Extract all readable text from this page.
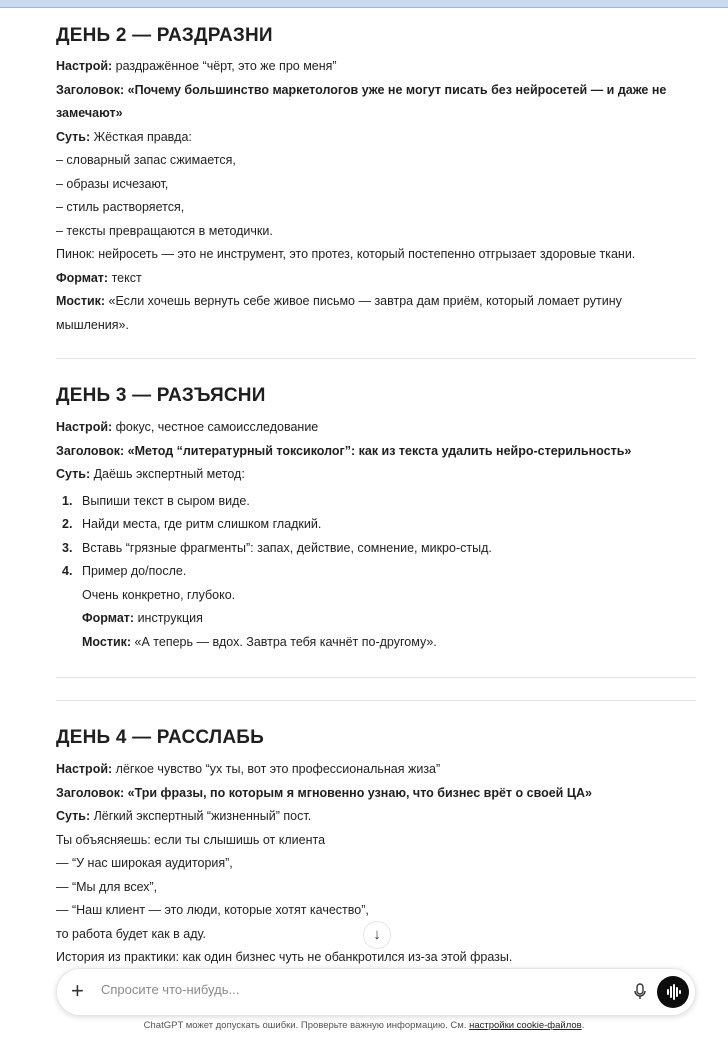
ДЕНЬ 2 — РАЗДРАЗНИ
Настрой: раздражённое “чёрт, это же про меня”
Заголовок: «Почему большинство маркетологов уже не могут писать без нейросетей — и даже не
замечают»
Суть: Жёсткая правда:
– словарный запас сжимается,
– образы исчезают,
– стиль растворяется,
– тексты превращаются в методички.
Пинок: нейросеть — это не инструмент, это протез, который постепенно отгрызает здоровые ткани.
Формат: текст
Мостик: «Если хочешь вернуть себе живое письмо — завтра дам приём, который ломает рутину
мышления».
ДЕНЬ 3 — РАЗЪЯСНИ
Настрой: фокус, честное самоисследование
Заголовок: «Метод “литературный токсиколог”: как из текста удалить нейро-стерильность»
Суть: Даёшь экспертный метод:
1. Выпиши текст в сыром виде.
2. Найди места, где ритм слишком гладкий.
3. Вставь “грязные фрагменты”: запах, действие, сомнение, микро-стыд.
4. Пример до/после.
Очень конкретно, глубоко.
Формат: инструкция
Мостик: «А теперь — вдох. Завтра тебя качнёт по-другому».
ДЕНЬ 4 — РАССЛАБЬ
Настрой: лёгкое чувство “ух ты, вот это профессиональная жиза”
Заголовок: «Три фразы, по которым я мгновенно узнаю, что бизнес врёт о своей ЦА»
Суть: Лёгкий экспертный “жизненный” пост.
Ты объясняешь: если ты слышишь от клиента
— “У нас широкая аудитория”,
— “Мы для всех”,
— “Наш клиент — это люди, которые хотят качество”,
то работа будет как в аду.
История из практики: как один бизнес чуть не обанкротился из-за этой фразы.
↓
+
Спросите что-нибудь...
ChatGPT может допускать ошибки. Проверьте важную информацию. См. настройки cookie-файлов.
